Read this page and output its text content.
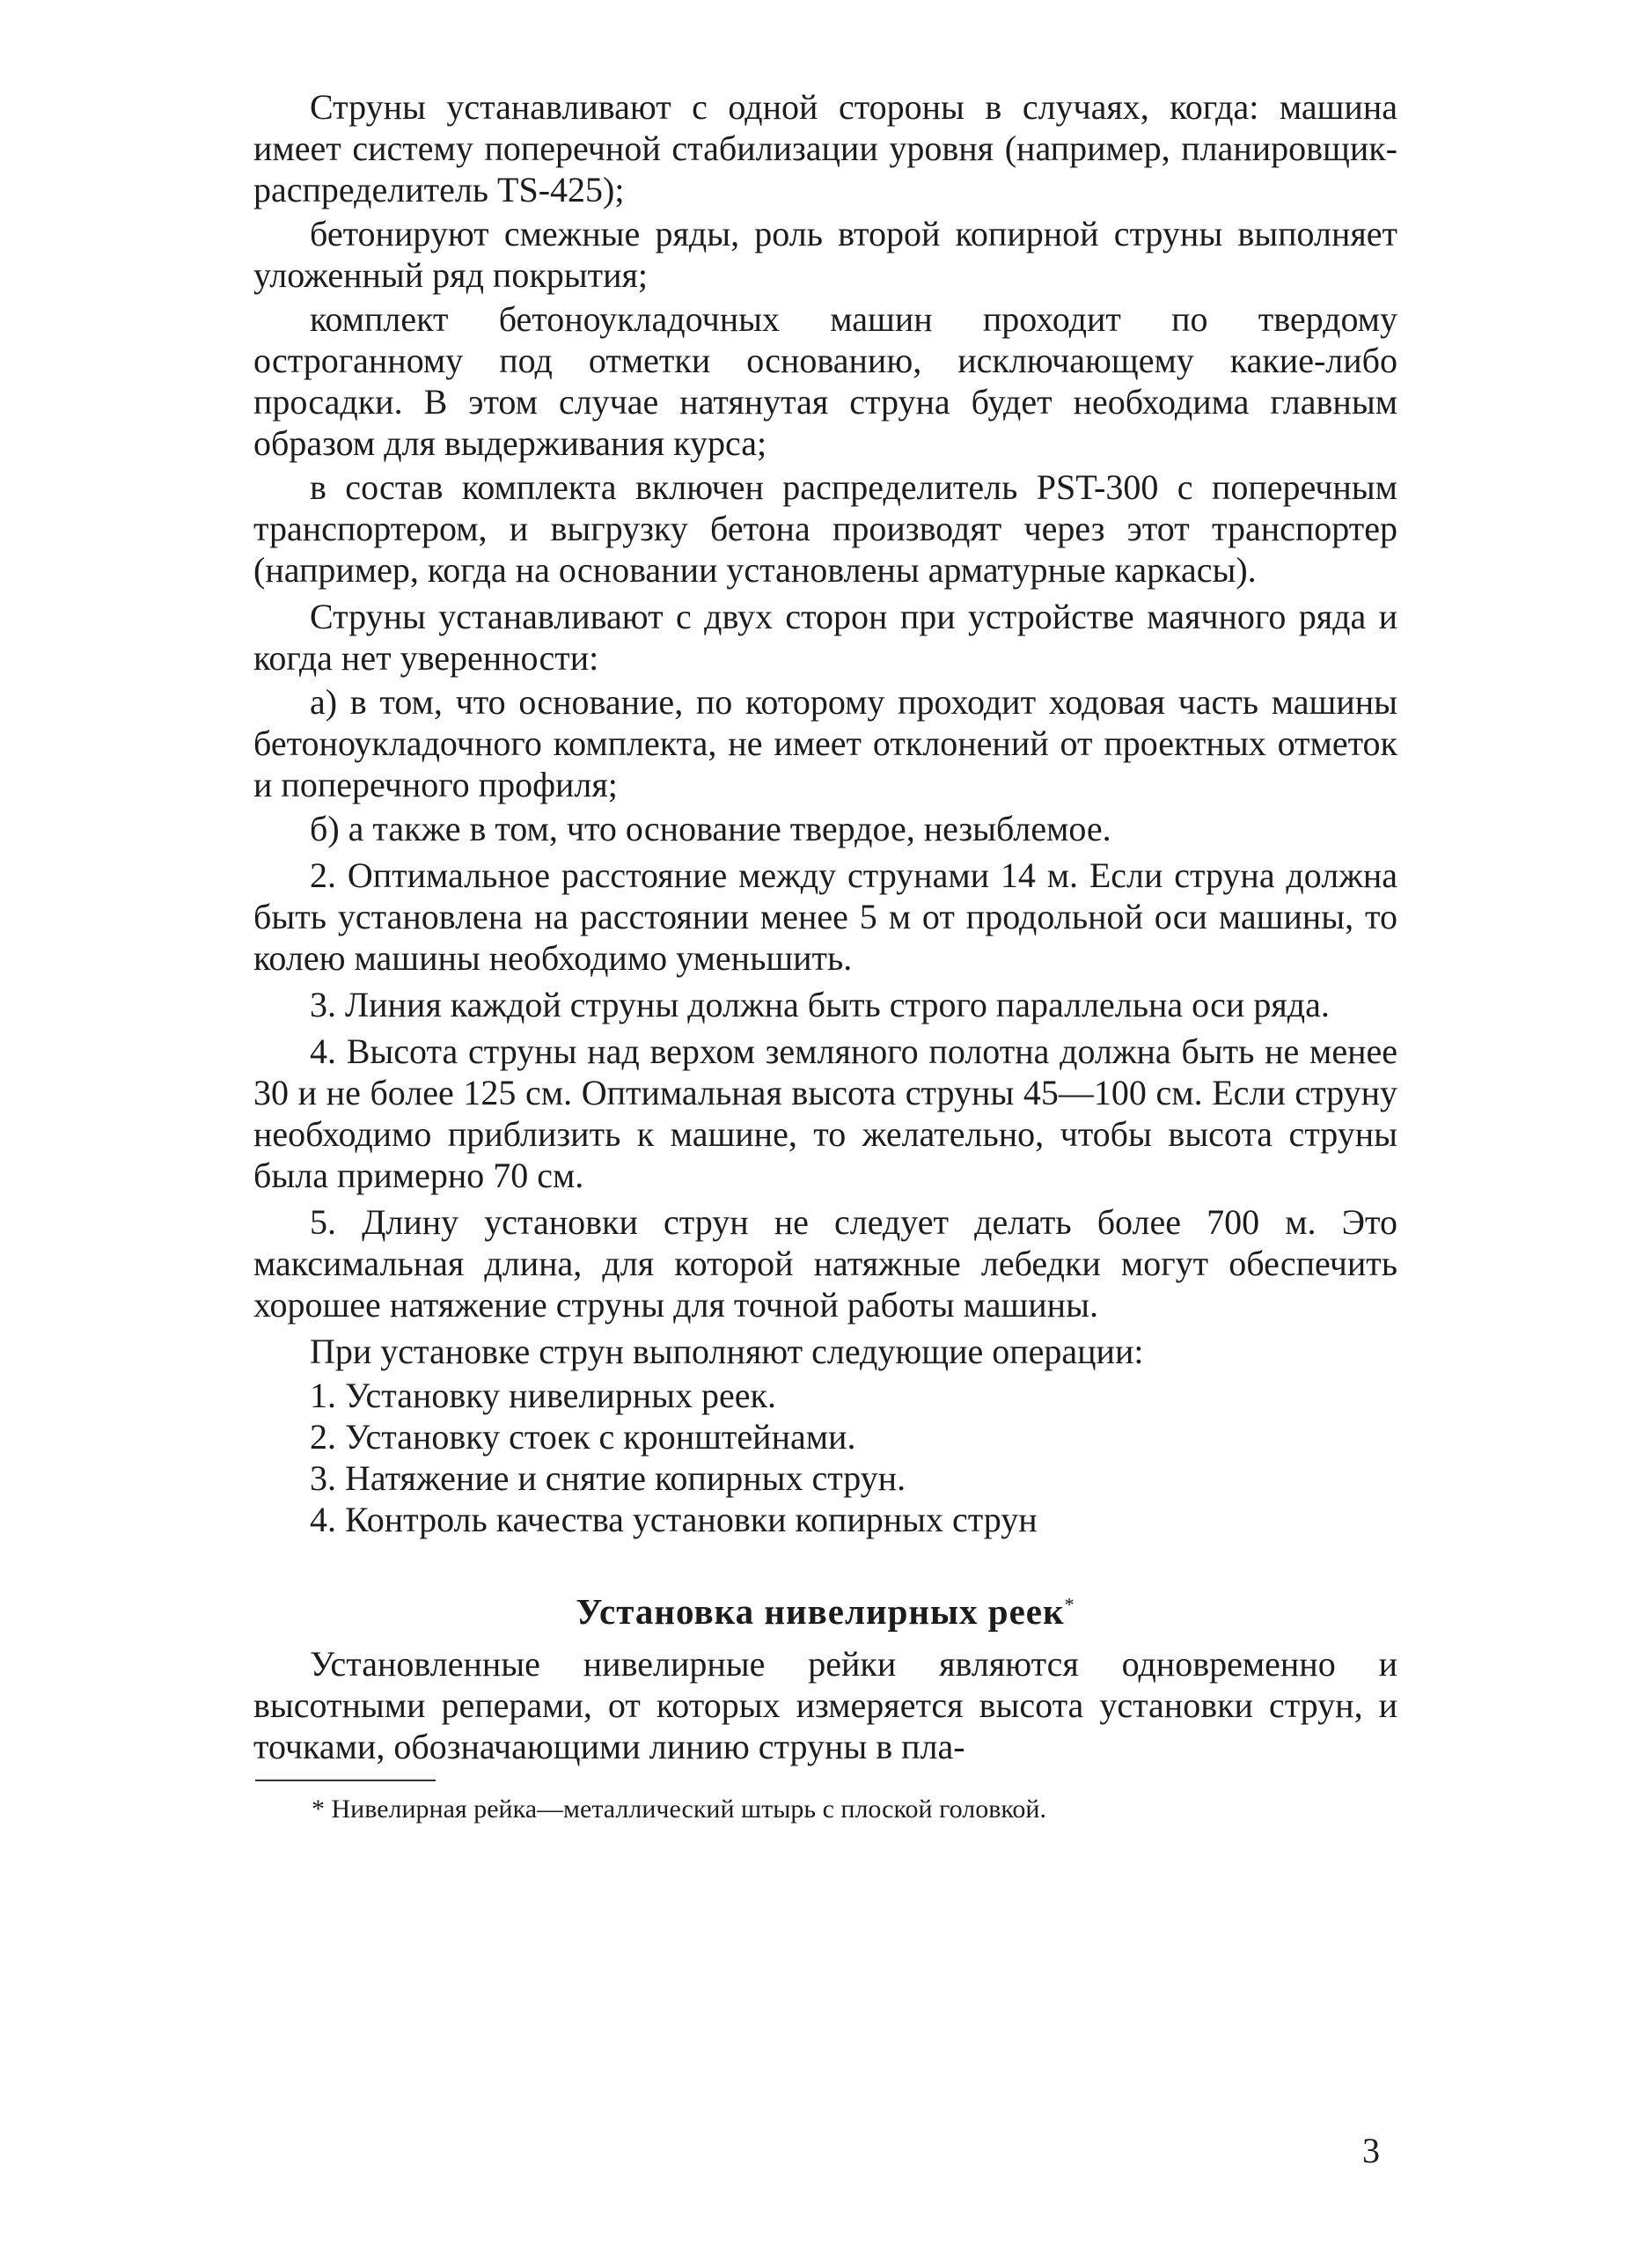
Струны устанавливают с одной стороны в случаях, когда: машина имеет систему поперечной стабилизации уровня (например, планировщик-распределитель TS-425);

бетонируют смежные ряды, роль второй копирной струны выполняет уложенный ряд покрытия;

комплект бетоноукладочных машин проходит по твердому остроганному под отметки основанию, исключающему какие-либо просадки. В этом случае натянутая струна будет необходима главным образом для выдерживания курса;

в состав комплекта включен распределитель PST-300 с поперечным транспортером, и выгрузку бетона производят через этот транспортер (например, когда на основании установлены арматурные каркасы).

Струны устанавливают с двух сторон при устройстве маячного ряда и когда нет уверенности:

а) в том, что основание, по которому проходит ходовая часть машины бетоноукладочного комплекта, не имеет отклонений от проектных отметок и поперечного профиля;

б) а также в том, что основание твердое, незыблемое.

2. Оптимальное расстояние между струнами 14 м. Если струна должна быть установлена на расстоянии менее 5 м от продольной оси машины, то колею машины необходимо уменьшить.

3. Линия каждой струны должна быть строго параллельна оси ряда.

4. Высота струны над верхом земляного полотна должна быть не менее 30 и не более 125 см. Оптимальная высота струны 45—100 см. Если струну необходимо приблизить к машине, то желательно, чтобы высота струны была примерно 70 см.

5. Длину установки струн не следует делать более 700 м. Это максимальная длина, для которой натяжные лебедки могут обеспечить хорошее натяжение струны для точной работы машины.

При установке струн выполняют следующие операции:

1. Установку нивелирных реек.
2. Установку стоек с кронштейнами.
3. Натяжение и снятие копирных струн.
4. Контроль качества установки копирных струн
Установка нивелирных реек*

Установленные нивелирные рейки являются одновременно и высотными реперами, от которых измеряется высота установки струн, и точками, обозначающими линию струны в пла-

* Нивелирная рейка—металлический штырь с плоской головкой.

3
